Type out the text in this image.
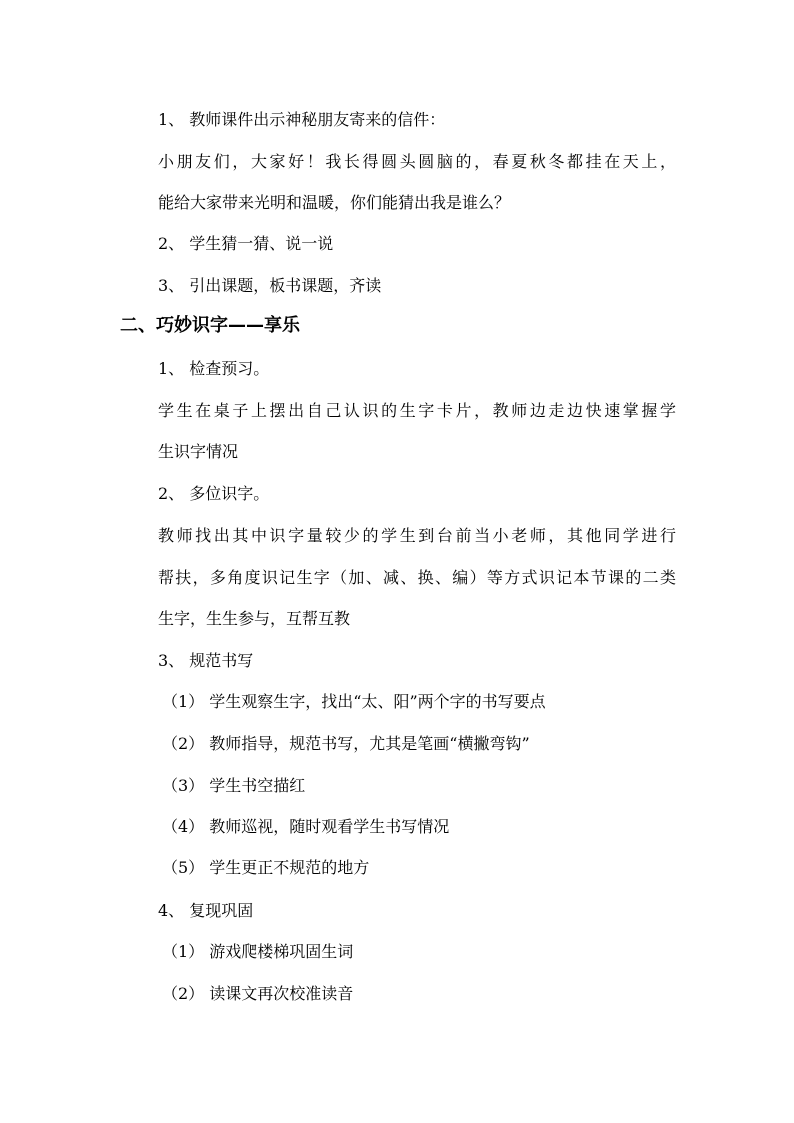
1、 教师课件出示神秘朋友寄来的信件：
小朋友们，大家好！我长得圆头圆脑的，春夏秋冬都挂在天上，
能给大家带来光明和温暖，你们能猜出我是谁么？
2、 学生猜一猜、说一说
3、 引出课题，板书课题，齐读
二、巧妙识字——享乐
1、 检查预习。
学生在桌子上摆出自己认识的生字卡片，教师边走边快速掌握学
生识字情况
2、 多位识字。
教师找出其中识字量较少的学生到台前当小老师，其他同学进行
帮扶，多角度识记生字（加、减、换、编）等方式识记本节课的二类
生字，生生参与，互帮互教
3、 规范书写
（1） 学生观察生字，找出“太、阳”两个字的书写要点
（2） 教师指导，规范书写，尤其是笔画“横撇弯钩”
（3） 学生书空描红
（4） 教师巡视，随时观看学生书写情况
（5） 学生更正不规范的地方
4、 复现巩固
（1） 游戏爬楼梯巩固生词
（2） 读课文再次校准读音
